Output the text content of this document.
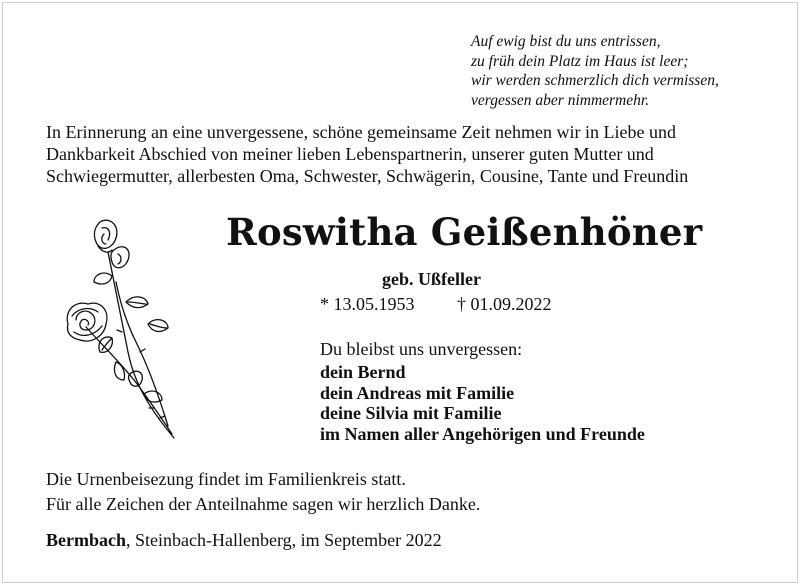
Auf ewig bist du uns entrissen,
zu früh dein Platz im Haus ist leer;
wir werden schmerzlich dich vermissen,
vergessen aber nimmermehr.
In Erinnerung an eine unvergessene, schöne gemeinsame Zeit nehmen wir in Liebe und
Dankbarkeit Abschied von meiner lieben Lebenspartnerin, unserer guten Mutter und
Schwiegermutter, allerbesten Oma, Schwester, Schwägerin, Cousine, Tante und Freundin
Roswitha Geißenhöner
geb. Ußfeller
* 13.05.1953 † 01.09.2022
Du bleibst uns unvergessen:
dein Bernd
dein Andreas mit Familie
deine Silvia mit Familie
im Namen aller Angehörigen und Freunde
Die Urnenbeisezung findet im Familienkreis statt.
Für alle Zeichen der Anteilnahme sagen wir herzlich Danke.
Bermbach, Steinbach-Hallenberg, im September 2022
